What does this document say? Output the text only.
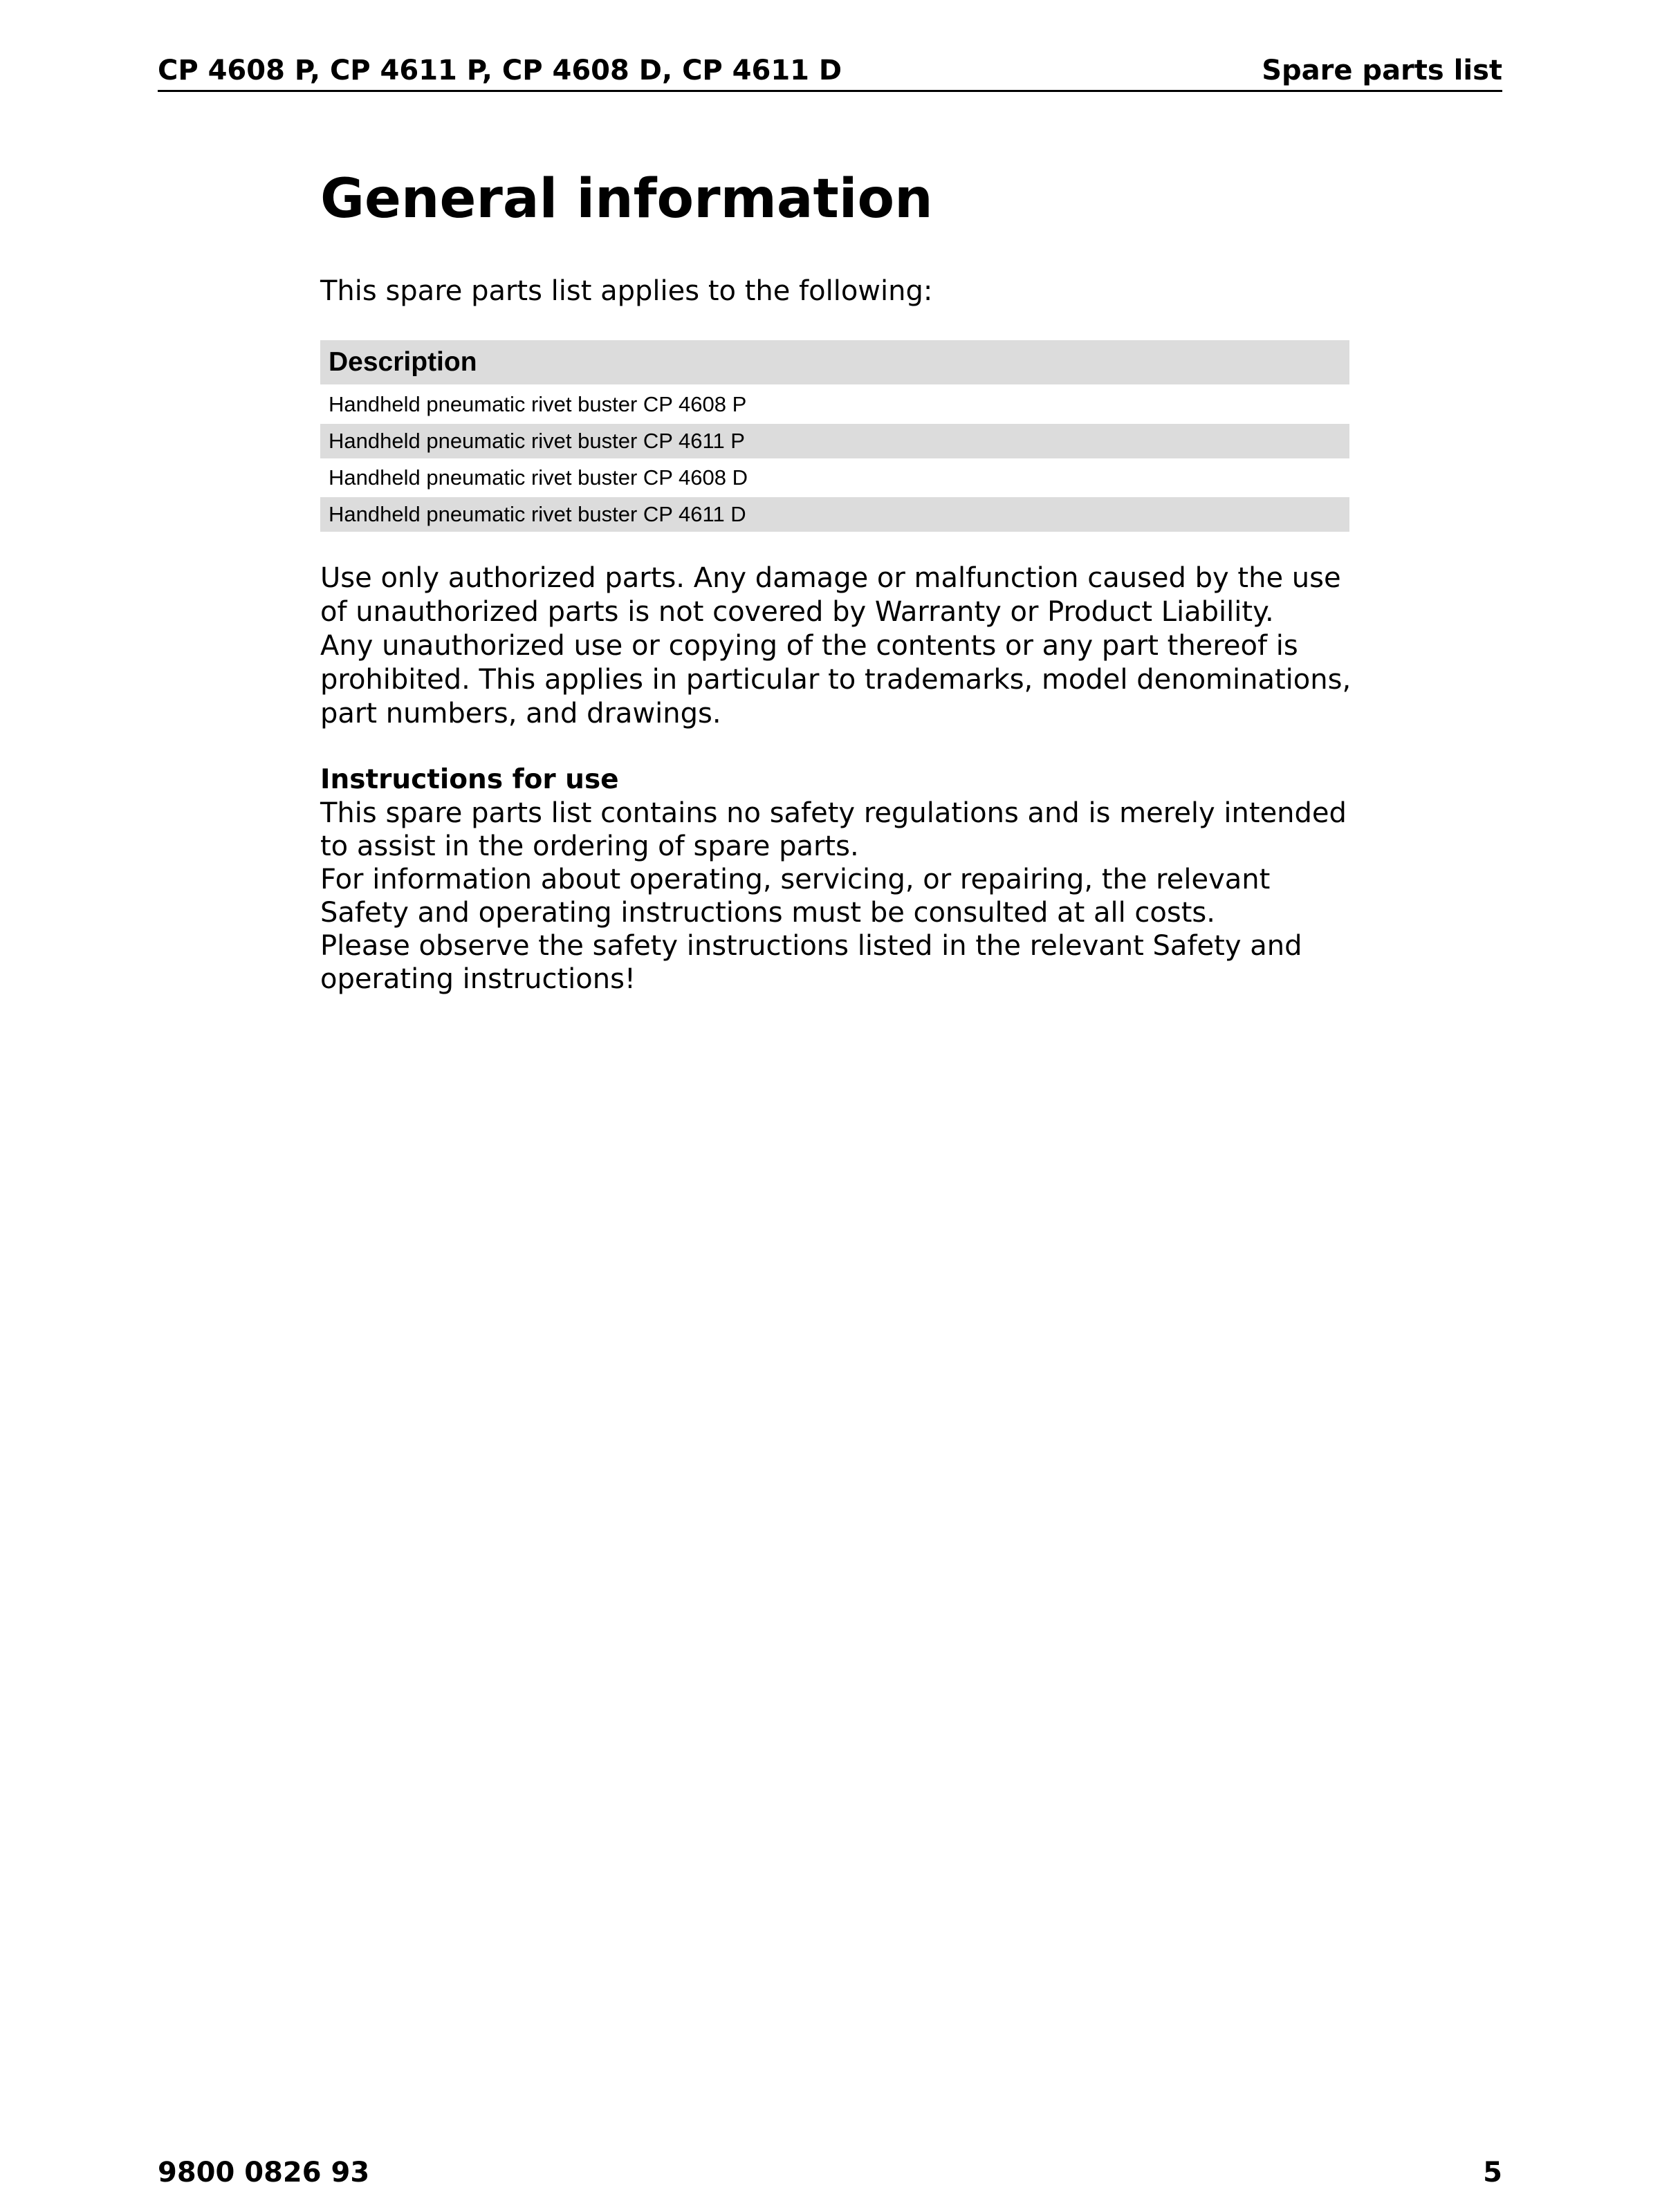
CP 4608 P, CP 4611 P, CP 4608 D, CP 4611 D	Spare parts list
General information
This spare parts list applies to the following:
Description
Handheld pneumatic rivet buster CP 4608 P
Handheld pneumatic rivet buster CP 4611 P
Handheld pneumatic rivet buster CP 4608 D
Handheld pneumatic rivet buster CP 4611 D

Use only authorized parts. Any damage or malfunction caused by the use of unauthorized parts is not covered by Warranty or Product Liability.

Any unauthorized use or copying of the contents or any part thereof is prohibited. This applies in particular to trademarks, model denominations, part numbers, and drawings.

Instructions for use

This spare parts list contains no safety regulations and is merely intended to assist in the ordering of spare parts.

For information about operating, servicing, or repairing, the relevant Safety and operating instructions must be consulted at all costs.

Please observe the safety instructions listed in the relevant Safety and operating instructions!

9800 0826 93	5
